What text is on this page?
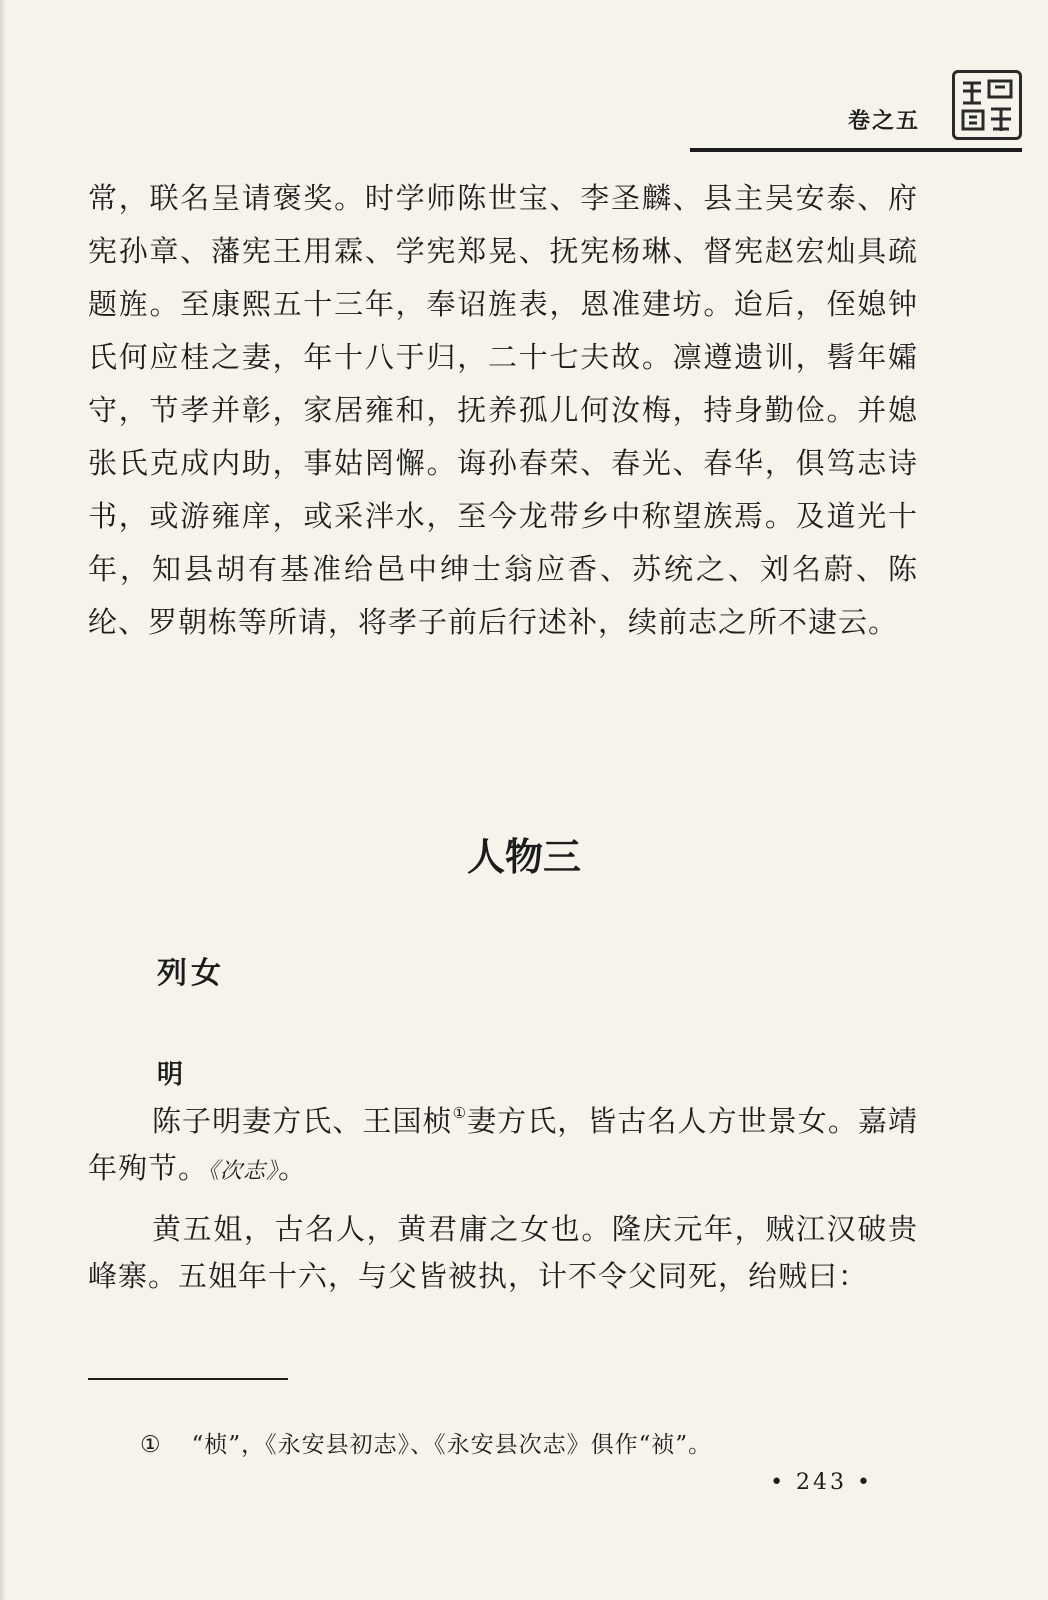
卷之五

常，联名呈请褒奖。时学师陈世宝、李圣麟、县主吴安泰、府宪孙章、藩宪王用霖、学宪郑晃、抚宪杨琳、督宪赵宏灿具疏题旌。至康熙五十三年，奉诏旌表，恩准建坊。迨后，侄媳钟氏何应桂之妻，年十八于归，二十七夫故。凛遵遗训，髫年孀守，节孝并彰，家居雍和，抚养孤儿何汝梅，持身勤俭。并媳张氏克成内助，事姑罔懈。诲孙春荣、春光、春华，俱笃志诗书，或游雍庠，或采泮水，至今龙带乡中称望族焉。及道光十年，知县胡有基准给邑中绅士翁应香、苏统之、刘名蔚、陈纶、罗朝栋等所请，将孝子前后行述补，续前志之所不逮云。

人物三
列女
明

陈子明妻方氏、王国桢①妻方氏，皆古名人方世景女。嘉靖年殉节。《次志》。

黄五姐，古名人，黄君庸之女也。隆庆元年，贼江汉破贵峰寨。五姐年十六，与父皆被执，计不令父同死，绐贼曰：

① “桢”，《永安县初志》、《永安县次志》俱作“祯”。

• 243 •
